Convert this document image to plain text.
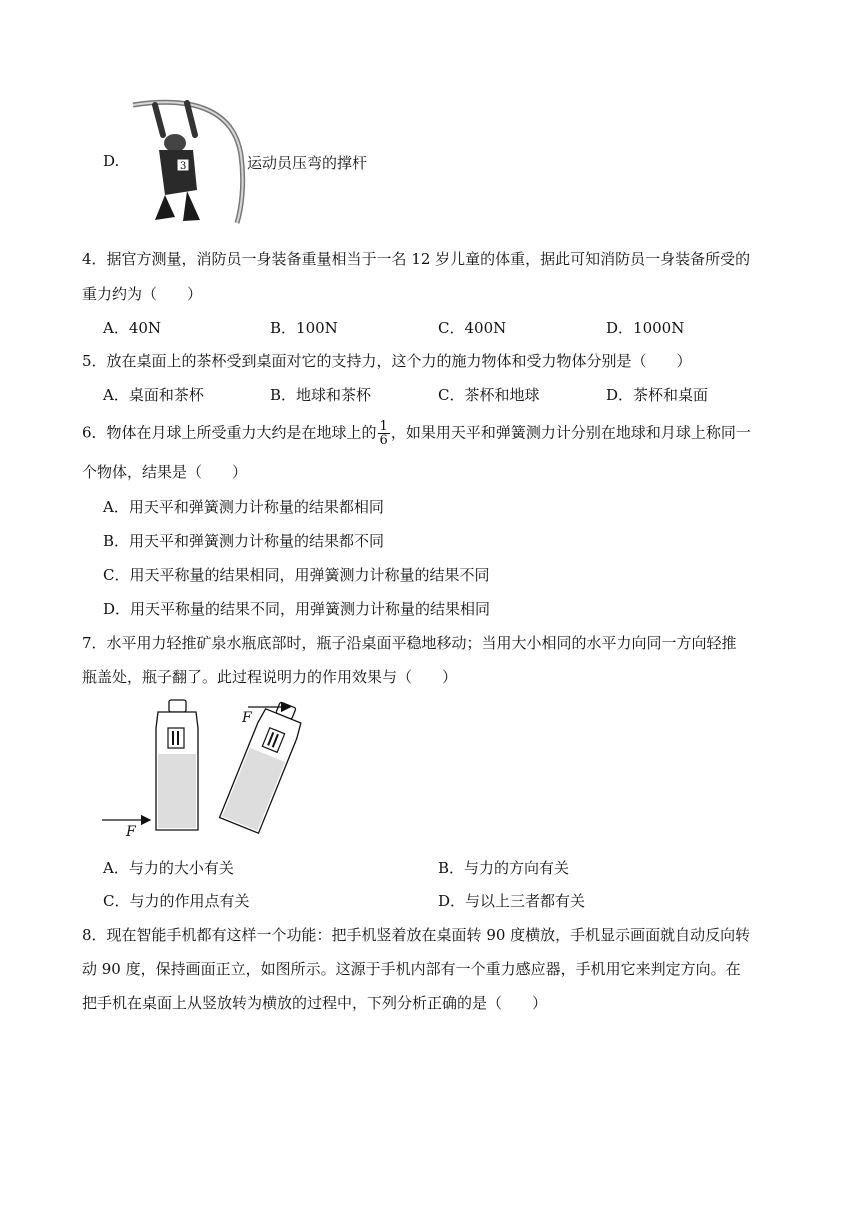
D.	3	运动员压弯的撑杆
4．据官方测量，消防员一身装备重量相当于一名 12 岁儿童的体重，据此可知消防员一身装备所受的
重力约为（　　）
A．40N	B．100N	C．400N	D．1000N
5．放在桌面上的茶杯受到桌面对它的支持力，这个力的施力物体和受力物体分别是（　　）
A．桌面和茶杯	B．地球和茶杯	C．茶杯和地球	D．茶杯和桌面
6．物体在月球上所受重力大约是在地球上的 $\frac{1}{6}$ ，如果用天平和弹簧测力计分别在地球和月球上称同一
个物体，结果是（　　）
A．用天平和弹簧测力计称量的结果都相同
B．用天平和弹簧测力计称量的结果都不同
C．用天平称量的结果相同，用弹簧测力计称量的结果不同
D．用天平称量的结果不同，用弹簧测力计称量的结果相同
7．水平用力轻推矿泉水瓶底部时，瓶子沿桌面平稳地移动；当用大小相同的水平力向同一方向轻推
瓶盖处，瓶子翻了。此过程说明力的作用效果与（　　）
F
F
A．与力的大小有关	B．与力的方向有关
C．与力的作用点有关	D．与以上三者都有关
8．现在智能手机都有这样一个功能：把手机竖着放在桌面转 90 度横放，手机显示画面就自动反向转
动 90 度，保持画面正立，如图所示。这源于手机内部有一个重力感应器，手机用它来判定方向。在
把手机在桌面上从竖放转为横放的过程中，下列分析正确的是（　　）
